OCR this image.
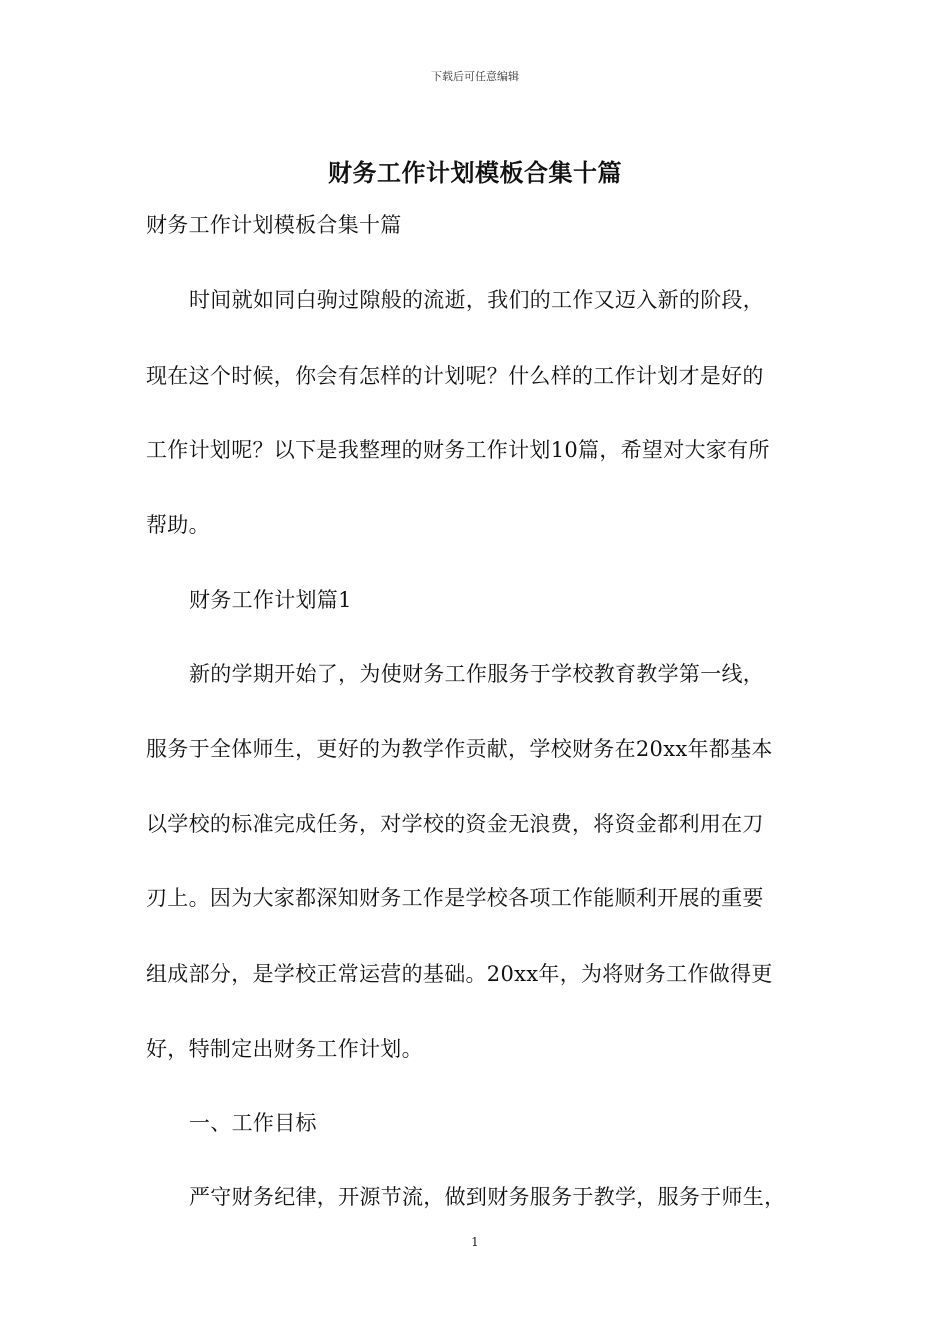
下载后可任意编辑
财务工作计划模板合集十篇
财务工作计划模板合集十篇
时间就如同白驹过隙般的流逝，我们的工作又迈入新的阶段，
现在这个时候，你会有怎样的计划呢？什么样的工作计划才是好的
工作计划呢？以下是我整理的财务工作计划10篇，希望对大家有所
帮助。
财务工作计划篇1
新的学期开始了，为使财务工作服务于学校教育教学第一线，
服务于全体师生，更好的为教学作贡献，学校财务在20xx年都基本
以学校的标准完成任务，对学校的资金无浪费，将资金都利用在刀
刃上。因为大家都深知财务工作是学校各项工作能顺利开展的重要
组成部分，是学校正常运营的基础。20xx年，为将财务工作做得更
好，特制定出财务工作计划。
一、工作目标
严守财务纪律，开源节流，做到财务服务于教学，服务于师生，
1
